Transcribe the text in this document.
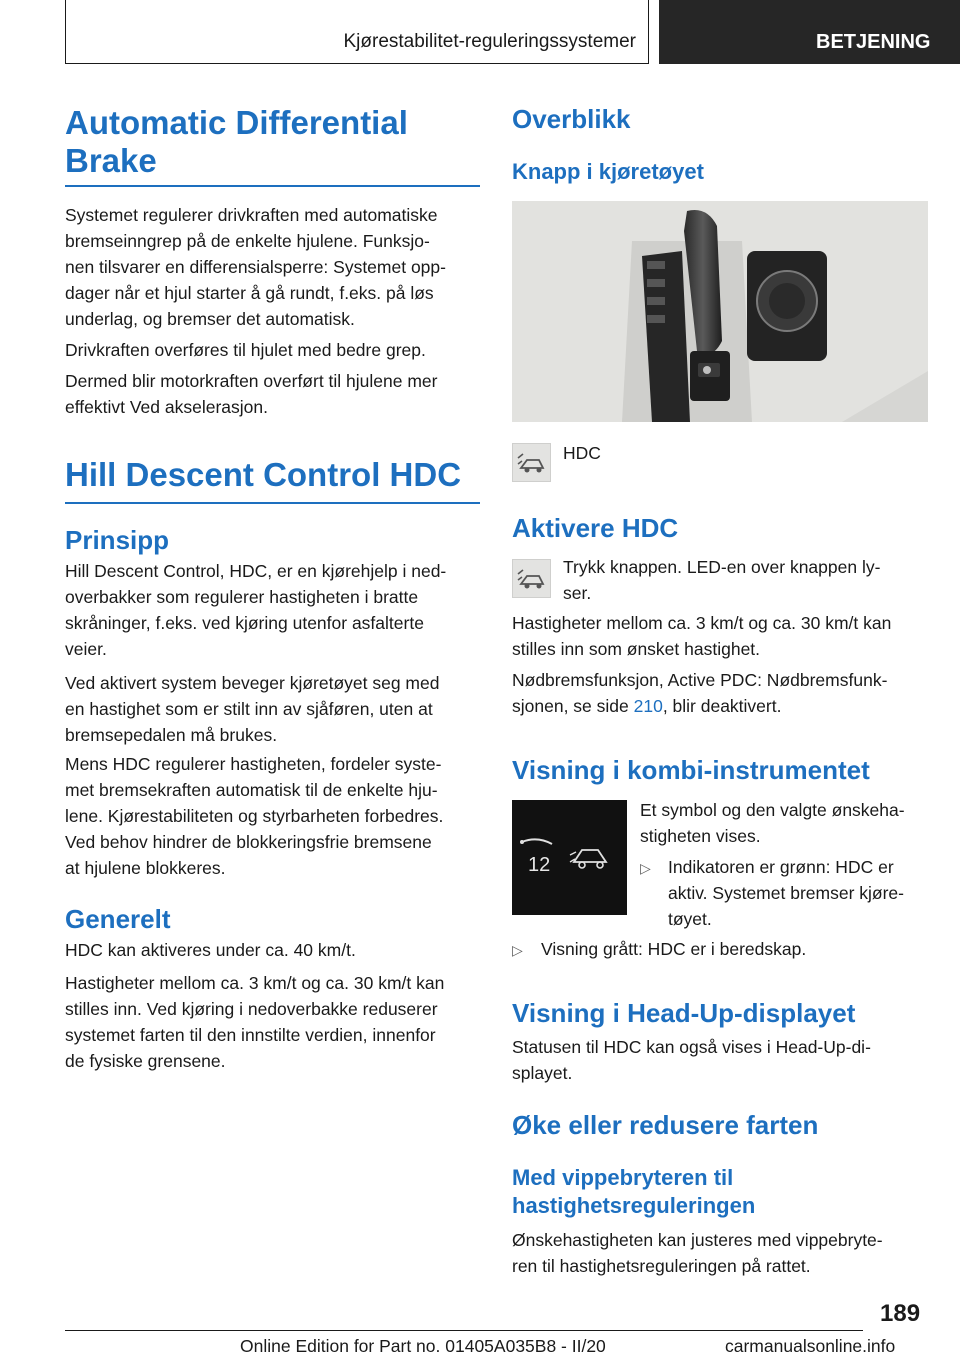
Kjørestabilitet-reguleringssystemer	BETJENING
Automatic Differential
Brake

Systemet regulerer drivkraften med automatiske
bremseinngrep på de enkelte hjulene. Funksjo-
nen tilsvarer en differensialsperre: Systemet opp-
dager når et hjul starter å gå rundt, f.eks. på løs
underlag, og bremser det automatisk.

Drivkraften overføres til hjulet med bedre grep.

Dermed blir motorkraften overført til hjulene mer
effektivt Ved akselerasjon.

Hill Descent Control HDC
Prinsipp

Hill Descent Control, HDC, er en kjørehjelp i ned-
overbakker som regulerer hastigheten i bratte
skråninger, f.eks. ved kjøring utenfor asfalterte
veier.

Ved aktivert system beveger kjøretøyet seg med
en hastighet som er stilt inn av sjåføren, uten at
bremsepedalen må brukes.

Mens HDC regulerer hastigheten, fordeler syste-
met bremsekraften automatisk til de enkelte hju-
lene. Kjørestabiliteten og styrbarheten forbedres.
Ved behov hindrer de blokkeringsfrie bremsene
at hjulene blokkeres.

Generelt

HDC kan aktiveres under ca. 40 km/t.

Hastigheter mellom ca. 3 km/t og ca. 30 km/t kan
stilles inn. Ved kjøring i nedoverbakke reduserer
systemet farten til den innstilte verdien, innenfor
de fysiske grensene.

Overblikk
Knapp i kjøretøyet

HDC

Aktivere HDC

Trykk knappen. LED-en over knappen ly-
ser.

Hastigheter mellom ca. 3 km/t og ca. 30 km/t kan
stilles inn som ønsket hastighet.

Nødbremsfunksjon, Active PDC: Nødbremsfunk-
sjonen, se side 210, blir deaktivert.

Visning i kombi-instrumentet
12

Et symbol og den valgte ønskeha-
stigheten vises.

▷ Indikatoren er grønn: HDC er
aktiv. Systemet bremser kjøre-
tøyet.

▷ Visning grått: HDC er i beredskap.

Visning i Head-Up-displayet

Statusen til HDC kan også vises i Head-Up-di-
splayet.

Øke eller redusere farten
Med vippebryteren til
hastighetsreguleringen

Ønskehastigheten kan justeres med vippebryte-
ren til hastighetsreguleringen på rattet.

189
Online Edition for Part no. 01405A035B8 - II/20	carmanualsonline.info
